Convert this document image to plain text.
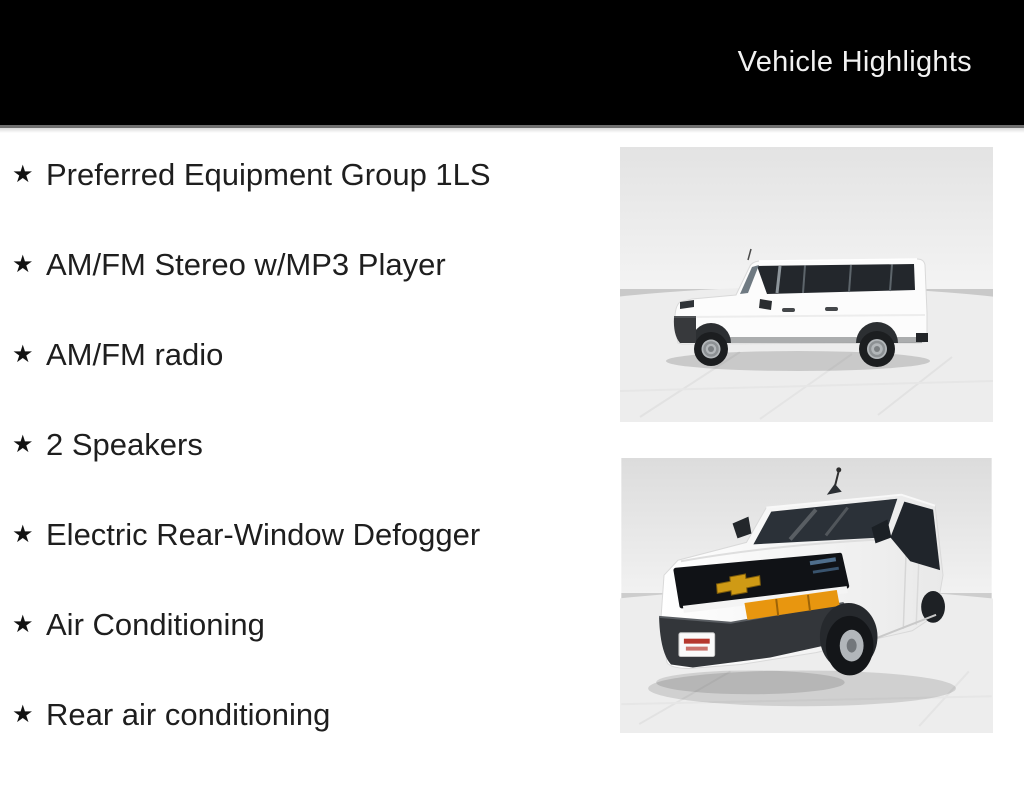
Vehicle Highlights
★ Preferred Equipment Group 1LS
★ AM/FM Stereo w/MP3 Player
★ AM/FM radio
★ 2 Speakers
★ Electric Rear-Window Defogger
★ Air Conditioning
★ Rear air conditioning
